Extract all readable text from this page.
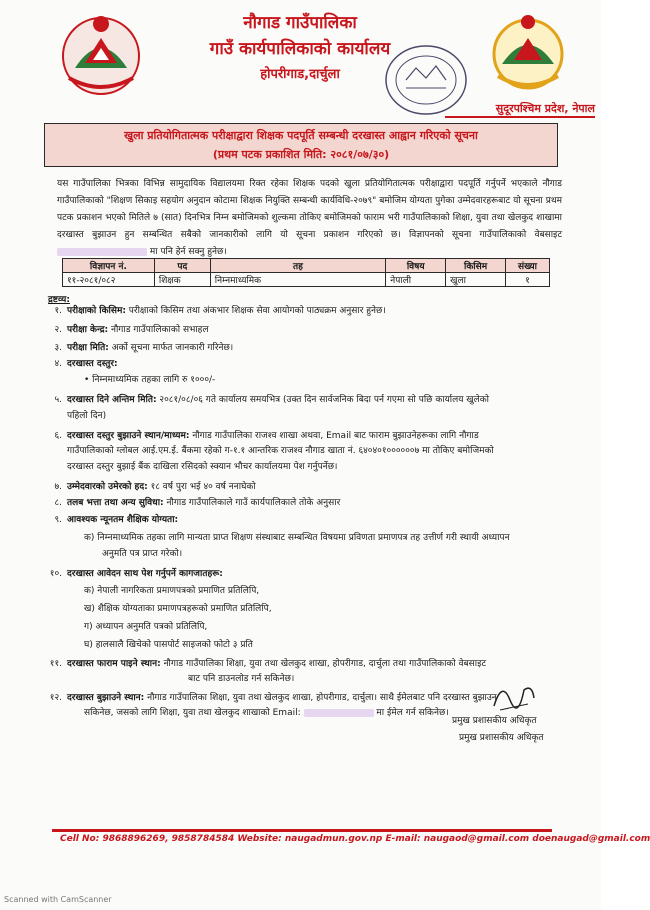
नौगाड गाउँपालिका
गाउँ कार्यपालिकाको कार्यालय
होपरीगाड,दार्चुला
सुदूरपश्चिम प्रदेश, नेपाल
खुला प्रतियोगितात्मक परीक्षाद्वारा शिक्षक पदपूर्ति सम्बन्धी दरखास्त आह्वान गरिएको सूचना
(प्रथम पटक प्रकाशित मिति: २०८१/०७/३०)
यस गाउँपालिका भित्रका विभिन्न सामुदायिक विद्यालयमा रिक्त रहेका शिक्षक पदको खुला प्रतियोगितात्मक परीक्षाद्वारा पदपूर्ति गर्नुपर्ने भएकाले नौगाड गाउँपालिकाको "शिक्षण सिकाइ सहयोग अनुदान कोटामा शिक्षक नियुक्ति सम्बन्धी कार्यविधि-२०७९" बमोजिम योग्यता पुगेका उम्मेदवारहरूबाट यो सूचना प्रथम पटक प्रकाशन भएको मितिले ७ (सात) दिनभित्र निम्न बमोजिमको शुल्कमा तोकिए बमोजिमको फाराम भरी गाउँपालिकाको शिक्षा, युवा तथा खेलकुद शाखामा दरखास्त बुझाउन हुन सम्बन्धित सबैको जानकारीको लागि यो सूचना प्रकाशन गरिएको छ। विज्ञापनको सूचना गाउँपालिकाको वेबसाइट  मा पनि हेर्न सक्नु हुनेछ।
विज्ञापन नं.	पद	तह	विषय	किसिम	संख्या
११-२०८१/०८२	शिक्षक	निम्नमाध्यमिक	नेपाली	खुला	१
द्रष्टव्य:
१. परीक्षाको किसिम: परीक्षाको किसिम तथा अंकभार शिक्षक सेवा आयोगको पाठ्यक्रम अनुसार हुनेछ।
२. परीक्षा केन्द्र: नौगाड गाउँपालिकाको सभाहल
३. परीक्षा मिति: अर्को सूचना मार्फत जानकारी गरिनेछ।
४. दरखास्त दस्तुर:
• निम्नमाध्यमिक तहका लागि रु १०००/-
५. दरखास्त दिने अन्तिम मिति: २०८१/०८/०६ गते कार्यालय समयभित्र (उक्त दिन सार्वजनिक बिदा पर्न गएमा सो पछि कार्यालय खुलेको
पहिलो दिन)
६. दरखास्त दस्तुर बुझाउने स्थान/माध्यम: नौगाड गाउँपालिका राजश्व शाखा अथवा, Email बाट फाराम बुझाउनेहरूका लागि नौगाड
गाउँपालिकाको ग्लोबल आई.एम.ई. बैंकमा रहेको ग-१.१ आन्तरिक राजश्व नौगाड खाता नं. ६४०४०१००००००७ मा तोकिए बमोजिमको
दरखास्त दस्तुर बुझाई बैंक दाखिला रसिदको स्क्यान भौचर कार्यालयमा पेश गर्नुपर्नेछ।
७. उम्मेदवारको उमेरको हद: १८ वर्ष पुरा भई ४० वर्ष ननाघेको
८. तलब भत्ता तथा अन्य सुविधा: नौगाड गाउँपालिकाले गाउँ कार्यपालिकाले तोके अनुसार
९. आवश्यक न्यूनतम शैक्षिक योग्यता:
क) निम्नमाध्यमिक तहका लागि मान्यता प्राप्त शिक्षण संस्थाबाट सम्बन्धित विषयमा प्रविणता प्रमाणपत्र तह उत्तीर्ण गरी स्थायी अध्यापन
अनुमति पत्र प्राप्त गरेको।
१०. दरखास्त आवेदन साथ पेश गर्नुपर्ने कागजातहरू:
क) नेपाली नागरिकता प्रमाणपत्रको प्रमाणित प्रतिलिपि,
ख) शैक्षिक योग्यताका प्रमाणपत्रहरूको प्रमाणित प्रतिलिपि,
ग) अध्यापन अनुमति पत्रको प्रतिलिपि,
घ) हालसालै खिचेको पासपोर्ट साइजको फोटो ३ प्रति
११. दरखास्त फाराम पाइने स्थान: नौगाड गाउँपालिका शिक्षा, युवा तथा खेलकुद शाखा, होपरीगाड, दार्चुला तथा गाउँपालिकाको वेबसाइट
बाट पनि डाउनलोड गर्न सकिनेछ।
१२. दरखास्त बुझाउने स्थान: नौगाड गाउँपालिका शिक्षा, युवा तथा खेलकुद शाखा, होपरीगाड, दार्चुला। साथै ईमेलबाट पनि दरखास्त बुझाउन
सकिनेछ, जसको लागि शिक्षा, युवा तथा खेलकुद शाखाको Email:	मा ईमेल गर्न सकिनेछ।
प्रमुख प्रशासकीय अधिकृत
प्रमुख प्रशासकीय अधिकृत
Cell No: 9868896269, 9858784584 Website: naugadmun.gov.np E-mail: naugaod@gmail.com doenaugad@gmail.com
Scanned with CamScanner
